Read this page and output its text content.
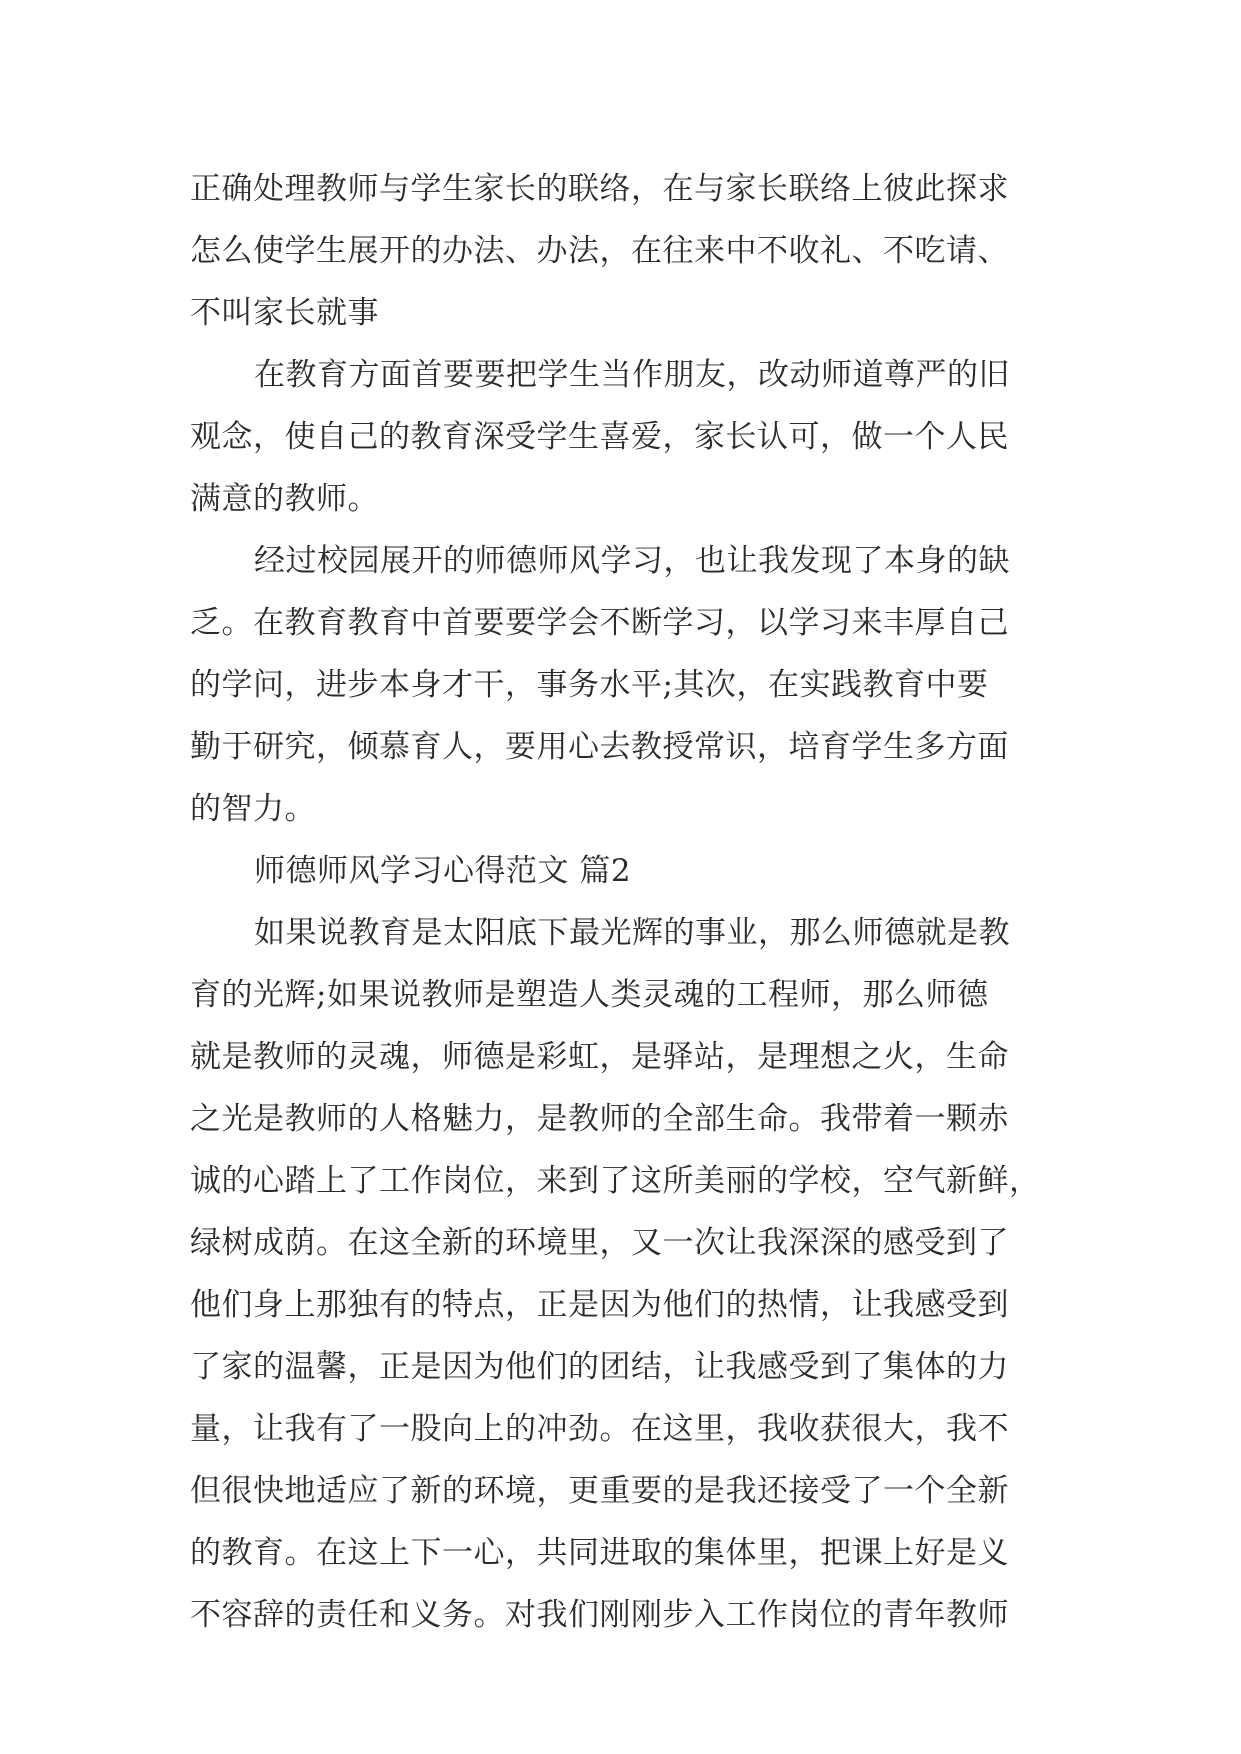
正确处理教师与学生家长的联络，在与家长联络上彼此探求
怎么使学生展开的办法、办法，在往来中不收礼、不吃请、
不叫家长就事
在教育方面首要要把学生当作朋友，改动师道尊严的旧
观念，使自己的教育深受学生喜爱，家长认可，做一个人民
满意的教师。
经过校园展开的师德师风学习，也让我发现了本身的缺
乏。在教育教育中首要要学会不断学习，以学习来丰厚自己
的学问，进步本身才干，事务水平;其次，在实践教育中要
勤于研究，倾慕育人，要用心去教授常识，培育学生多方面
的智力。
师德师风学习心得范文 篇2
如果说教育是太阳底下最光辉的事业，那么师德就是教
育的光辉;如果说教师是塑造人类灵魂的工程师，那么师德
就是教师的灵魂，师德是彩虹，是驿站，是理想之火，生命
之光是教师的人格魅力，是教师的全部生命。我带着一颗赤
诚的心踏上了工作岗位，来到了这所美丽的学校，空气新鲜，
绿树成荫。在这全新的环境里，又一次让我深深的感受到了
他们身上那独有的特点，正是因为他们的热情，让我感受到
了家的温馨，正是因为他们的团结，让我感受到了集体的力
量，让我有了一股向上的冲劲。在这里，我收获很大，我不
但很快地适应了新的环境，更重要的是我还接受了一个全新
的教育。在这上下一心，共同进取的集体里，把课上好是义
不容辞的责任和义务。对我们刚刚步入工作岗位的青年教师
